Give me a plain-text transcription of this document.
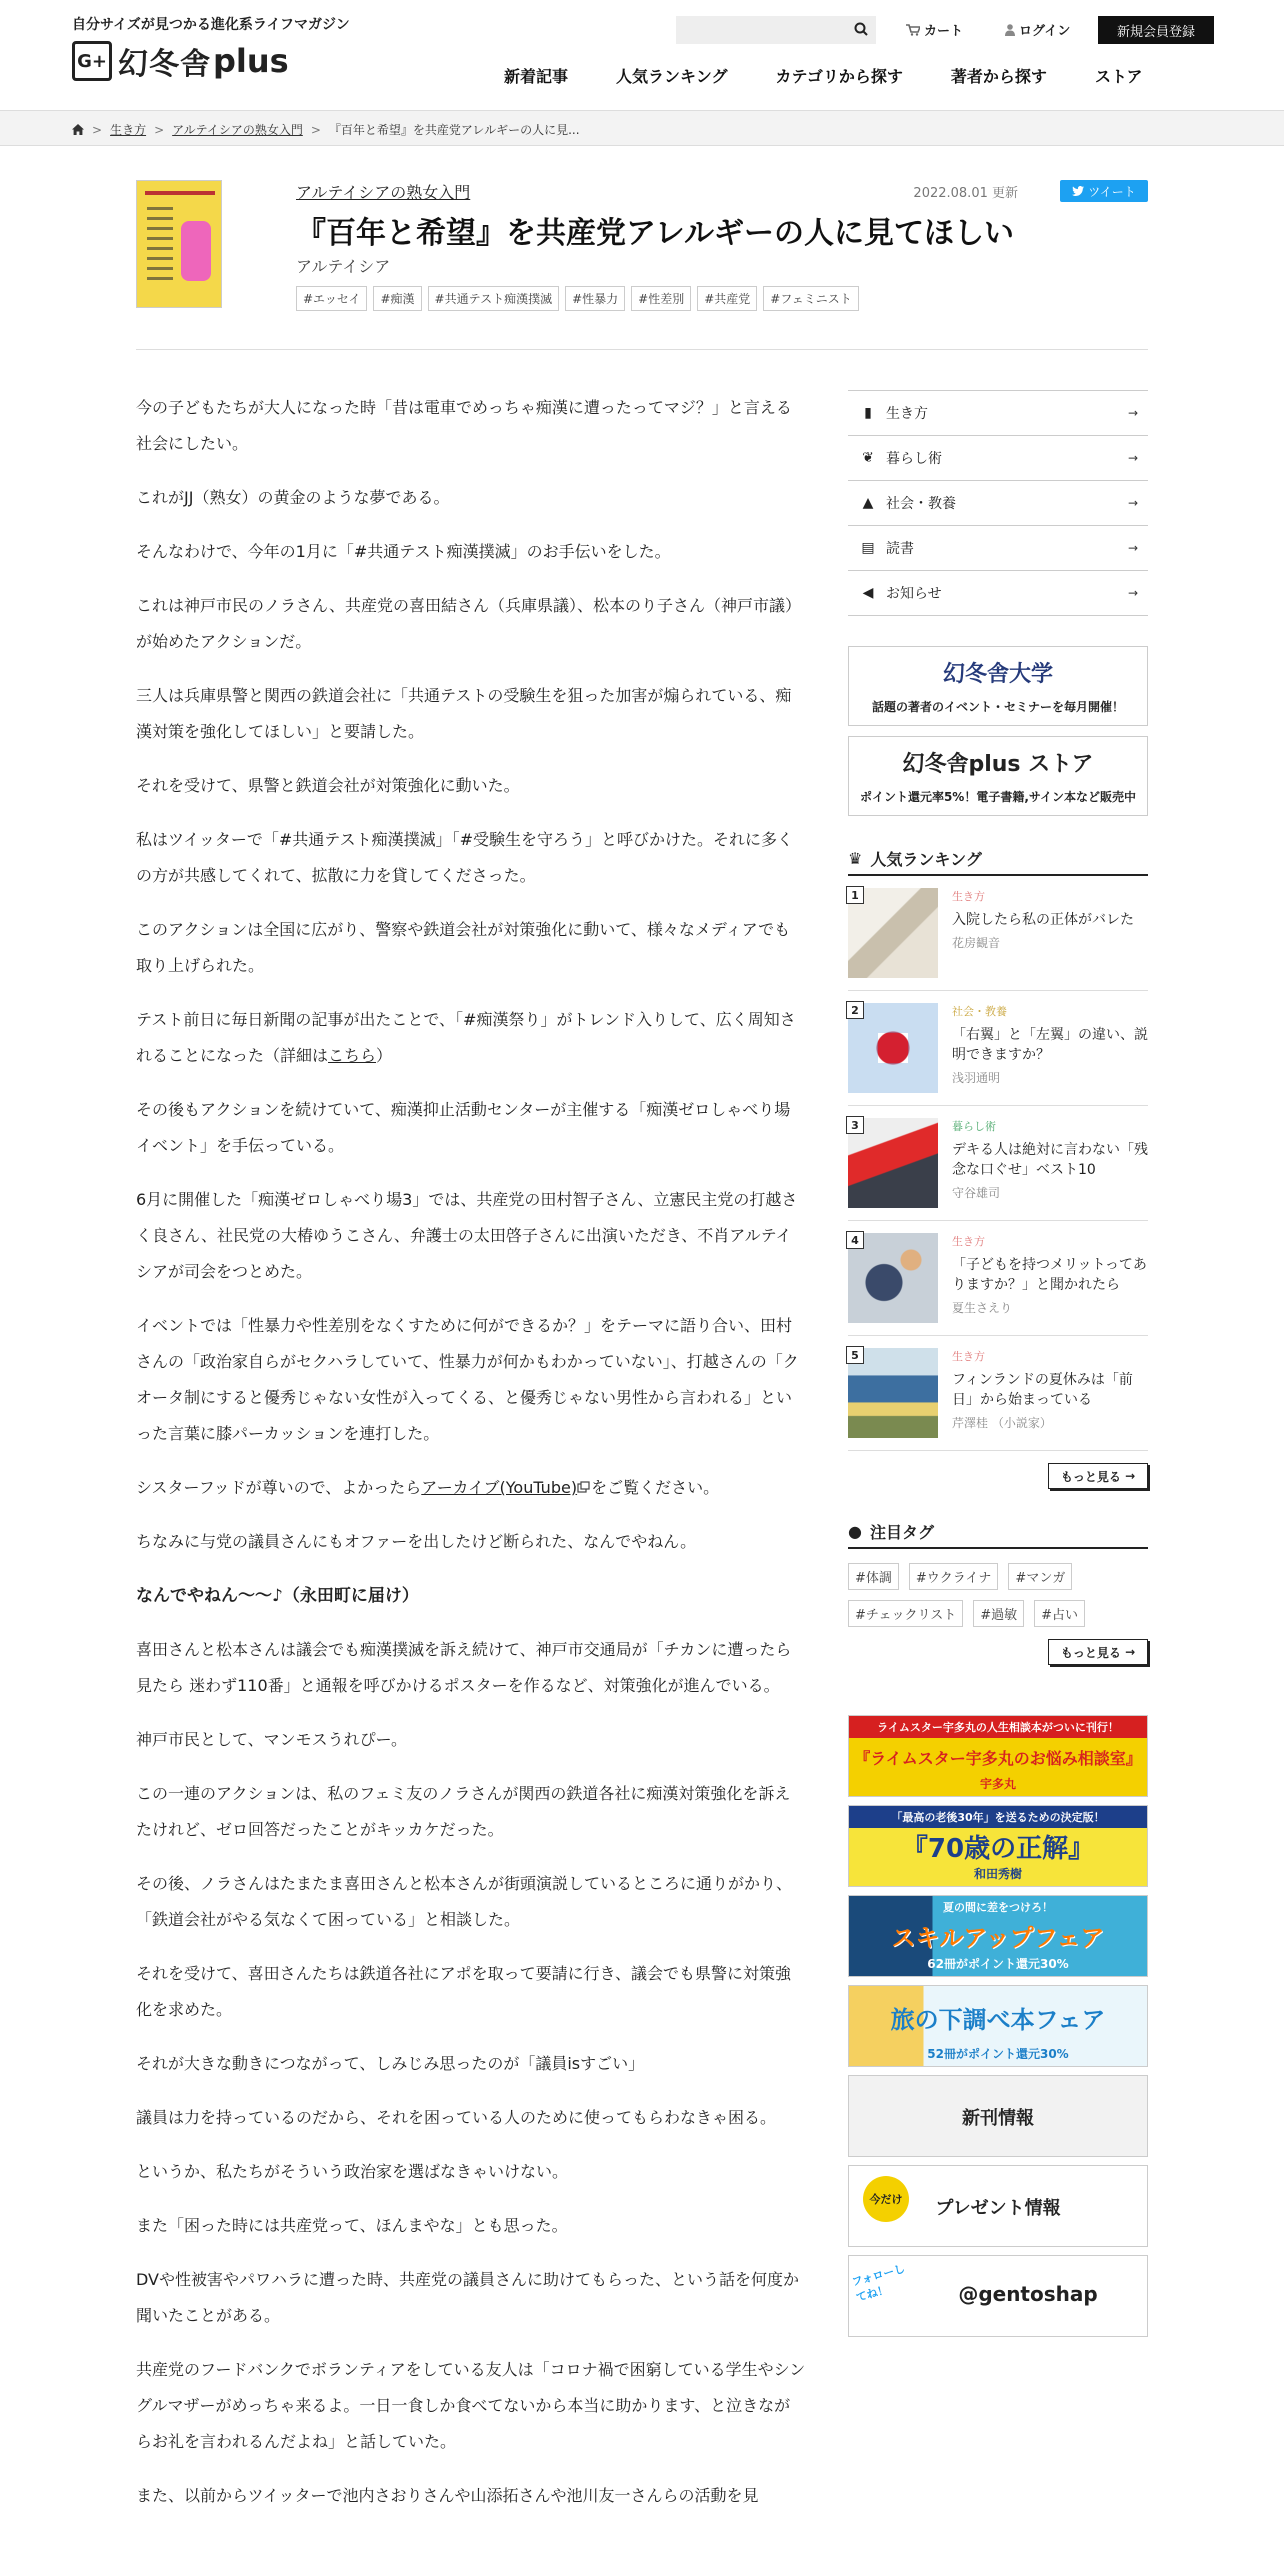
自分サイズが見つかる進化系ライフマガジン
G+ 幻冬舎 plus
カート	ログイン	新規会員登録
新着記事	人気ランキング	カテゴリから探す	著者から探す	ストア
> 生き方 > アルテイシアの熟女入門 > 『百年と希望』を共産党アレルギーの人に見...
アルテイシアの熟女入門	2022.08.01 更新	ツイート
『百年と希望』を共産党アレルギーの人に見てほしい
アルテイシア
#エッセイ	#痴漢	#共通テスト痴漢撲滅	#性暴力	#性差別	#共産党	#フェミニスト

今の子どもたちが大人になった時「昔は電車でめっちゃ痴漢に遭ったってマジ？」と言える社会にしたい。

これがJJ（熟女）の黄金のような夢である。

そんなわけで、今年の1月に「#共通テスト痴漢撲滅」のお手伝いをした。

これは神戸市民のノラさん、共産党の喜田結さん（兵庫県議）、松本のり子さん（神戸市議）が始めたアクションだ。

三人は兵庫県警と関西の鉄道会社に「共通テストの受験生を狙った加害が煽られている、痴漢対策を強化してほしい」と要請した。

それを受けて、県警と鉄道会社が対策強化に動いた。

私はツイッターで「#共通テスト痴漢撲滅」「#受験生を守ろう」と呼びかけた。それに多くの方が共感してくれて、拡散に力を貸してくださった。

このアクションは全国に広がり、警察や鉄道会社が対策強化に動いて、様々なメディアでも取り上げられた。

テスト前日に毎日新聞の記事が出たことで、「#痴漢祭り」がトレンド入りして、広く周知されることになった（詳細はこちら）

その後もアクションを続けていて、痴漢抑止活動センターが主催する「痴漢ゼロしゃべり場イベント」を手伝っている。

6月に開催した「痴漢ゼロしゃべり場3」では、共産党の田村智子さん、立憲民主党の打越さく良さん、社民党の大椿ゆうこさん、弁護士の太田啓子さんに出演いただき、不肖アルテイシアが司会をつとめた。

イベントでは「性暴力や性差別をなくすために何ができるか？」をテーマに語り合い、田村さんの「政治家自らがセクハラしていて、性暴力が何かもわかっていない」、打越さんの「クオータ制にすると優秀じゃない女性が入ってくる、と優秀じゃない男性から言われる」といった言葉に膝パーカッションを連打した。

シスターフッドが尊いので、よかったらアーカイブ(YouTube) をご覧ください。

ちなみに与党の議員さんにもオファーを出したけど断られた、なんでやねん。

なんでやねん～～♪（永田町に届け）

喜田さんと松本さんは議会でも痴漢撲滅を訴え続けて、神戸市交通局が「チカンに遭ったら見たら 迷わず110番」と通報を呼びかけるポスターを作るなど、対策強化が進んでいる。

神戸市民として、マンモスうれぴー。

この一連のアクションは、私のフェミ友のノラさんが関西の鉄道各社に痴漢対策強化を訴えたけれど、ゼロ回答だったことがキッカケだった。

その後、ノラさんはたまたま喜田さんと松本さんが街頭演説しているところに通りがかり、「鉄道会社がやる気なくて困っている」と相談した。

それを受けて、喜田さんたちは鉄道各社にアポを取って要請に行き、議会でも県警に対策強化を求めた。

それが大きな動きにつながって、しみじみ思ったのが「議員isすごい」

議員は力を持っているのだから、それを困っている人のために使ってもらわなきゃ困る。

というか、私たちがそういう政治家を選ばなきゃいけない。

また「困った時には共産党って、ほんまやな」とも思った。

DVや性被害やパワハラに遭った時、共産党の議員さんに助けてもらった、という話を何度か聞いたことがある。

共産党のフードバンクでボランティアをしている友人は「コロナ禍で困窮している学生やシングルマザーがめっちゃ来るよ。一日一食しか食べてないから本当に助かります、と泣きながらお礼を言われるんだよね」と話していた。

また、以前からツイッターで池内さおりさんや山添拓さんや池川友一さんらの活動を見

▮	生き方	→
❦ 暮らし術	→
▲ 社会・教養	→
▤ 読書	→
◀ お知らせ	→
幻冬舎大学
話題の著者のイベント・セミナーを毎月開催！
幻冬舎plus ストア
ポイント還元率5%！電子書籍,サイン本など販売中
♛ 人気ランキング
1	生き方
入院したら私の正体がバレた
花房観音
2	社会・教養
「右翼」と「左翼」の違い、説明できますか？
浅羽通明
3	暮らし術
デキる人は絶対に言わない「残念な口ぐせ」ベスト10
守谷雄司
4	生き方
「子どもを持つメリットってありますか？」と聞かれたら
夏生さえり
5	生き方
フィンランドの夏休みは「前日」から始まっている
芹澤桂 （小説家）
もっと見る
→
● 注目タグ
#体調	#ウクライナ	#マンガ
#チェックリスト	#過敏	#占い
もっと見る
→
ライムスター宇多丸の人生相談本がついに刊行！
『ライムスター宇多丸のお悩み相談室』
宇多丸
「最高の老後30年」を送るための決定版！
『70歳の正解』
和田秀樹
夏の間に差をつけろ！
スキルアップフェア
62冊がポイント還元30%
旅の下調べ本フェア
52冊がポイント還元30%
新刊情報
今だけ	プレゼント情報
フォローしてね！	@gentoshap
